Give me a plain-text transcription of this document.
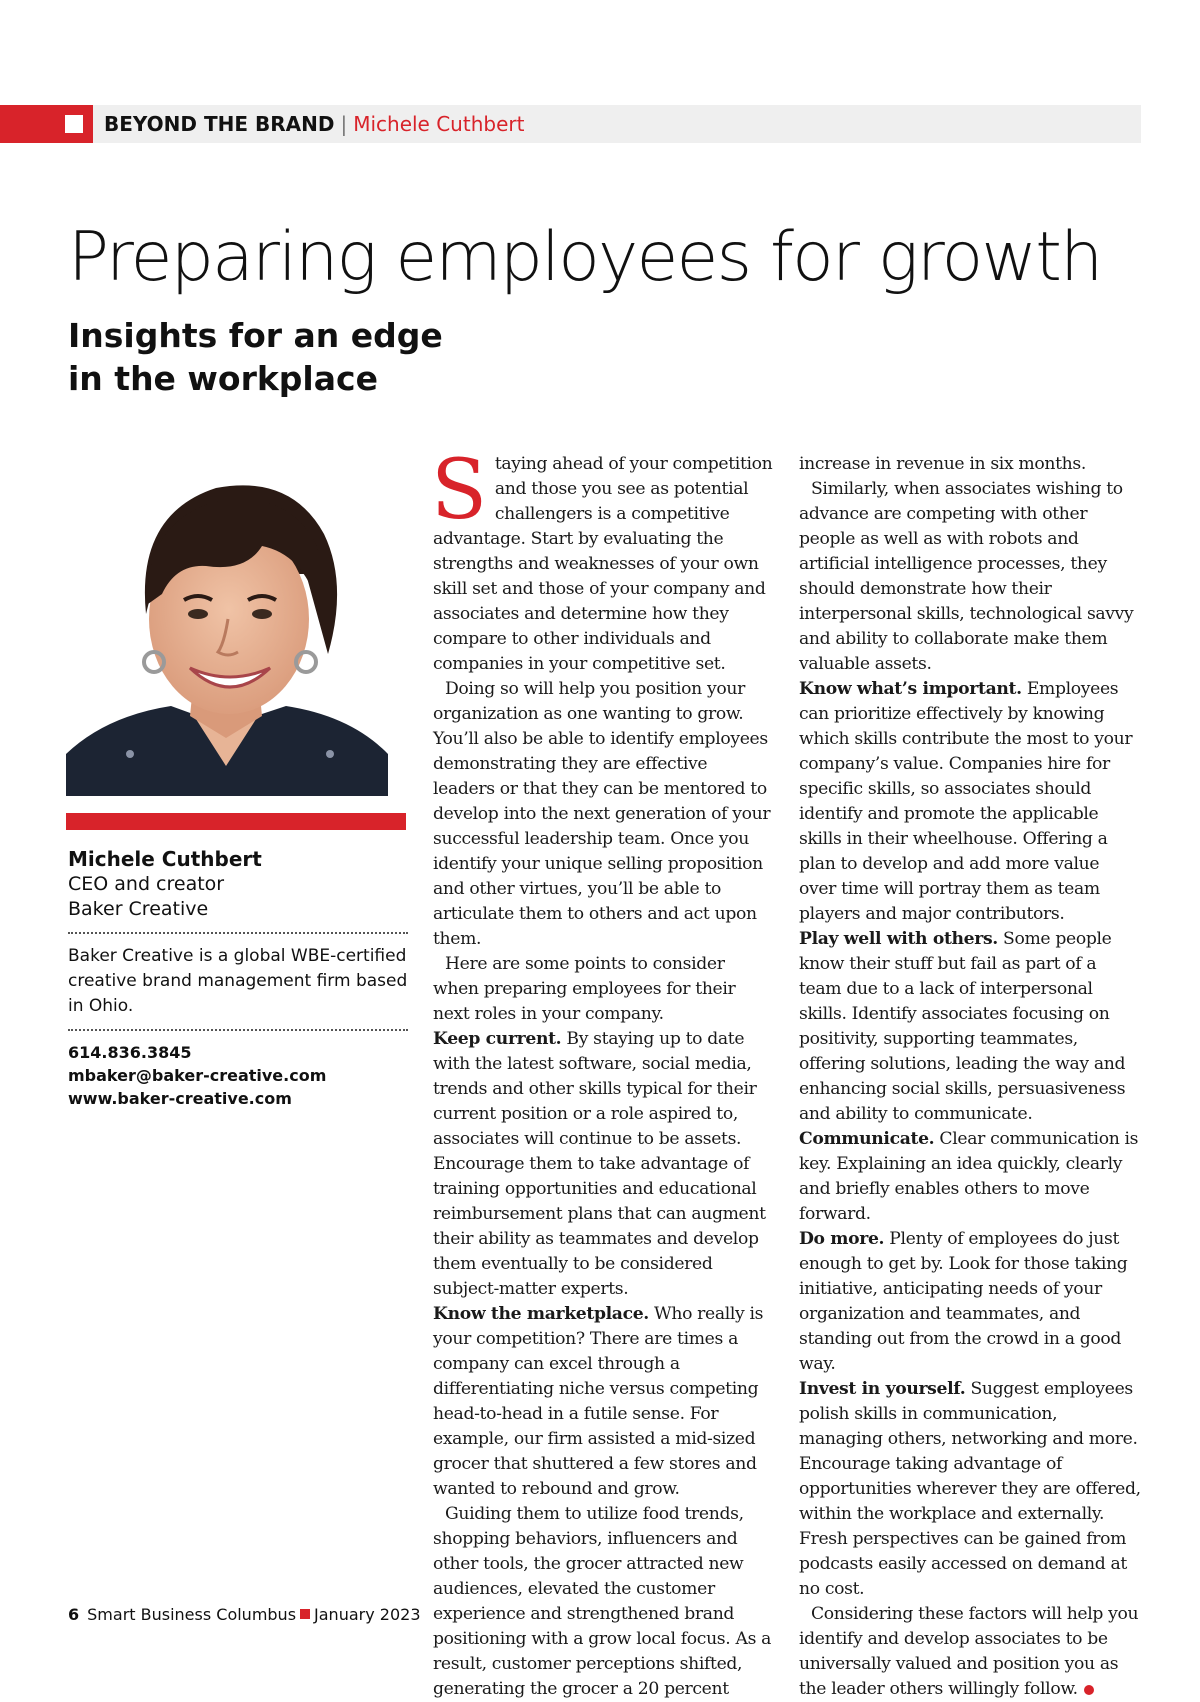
BEYOND THE BRAND | Michele Cuthbert
Preparing employees for growth
Insights for an edge in the workplace
Michele Cuthbert
CEO and creator
Baker Creative
Baker Creative is a global WBE-certified creative brand management firm based in Ohio.
614.836.3845
mbaker@baker-creative.com
www.baker-creative.com

Staying ahead of your competition and those you see as potential challengers is a competitive advantage. Start by evaluating the strengths and weaknesses of your own skill set and those of your company and associates and determine how they compare to other individuals and companies in your competitive set.

Doing so will help you position your organization as one wanting to grow. You’ll also be able to identify employees demonstrating they are effective leaders or that they can be mentored to develop into the next generation of your successful leadership team. Once you identify your unique selling proposition and other virtues, you’ll be able to articulate them to others and act upon them.

Here are some points to consider when preparing employees for their next roles in your company.

Keep current. By staying up to date with the latest software, social media, trends and other skills typical for their current position or a role aspired to, associates will continue to be assets. Encourage them to take advantage of training opportunities and educational reimbursement plans that can augment their ability as teammates and develop them eventually to be considered subject-matter experts.

Know the marketplace. Who really is your competition? There are times a company can excel through a differentiating niche versus competing head-to-head in a futile sense. For example, our firm assisted a mid-sized grocer that shuttered a few stores and wanted to rebound and grow.

Guiding them to utilize food trends, shopping behaviors, influencers and other tools, the grocer attracted new audiences, elevated the customer experience and strengthened brand positioning with a grow local focus. As a result, customer perceptions shifted, generating the grocer a 20 percent

increase in revenue in six months.

Similarly, when associates wishing to advance are competing with other people as well as with robots and artificial intelligence processes, they should demonstrate how their interpersonal skills, technological savvy and ability to collaborate make them valuable assets.

Know what’s important. Employees can prioritize effectively by knowing which skills contribute the most to your company’s value. Companies hire for specific skills, so associates should identify and promote the applicable skills in their wheelhouse. Offering a plan to develop and add more value over time will portray them as team players and major contributors.

Play well with others. Some people know their stuff but fail as part of a team due to a lack of interpersonal skills. Identify associates focusing on positivity, supporting teammates, offering solutions, leading the way and enhancing social skills, persuasiveness and ability to communicate.

Communicate. Clear communication is key. Explaining an idea quickly, clearly and briefly enables others to move forward.

Do more. Plenty of employees do just enough to get by. Look for those taking initiative, anticipating needs of your organization and teammates, and standing out from the crowd in a good way.

Invest in yourself. Suggest employees polish skills in communication, managing others, networking and more. Encourage taking advantage of opportunities wherever they are offered, within the workplace and externally. Fresh perspectives can be gained from podcasts easily accessed on demand at no cost.

Considering these factors will help you identify and develop associates to be universally valued and position you as the leader others willingly follow.

6 Smart Business Columbus January 2023
